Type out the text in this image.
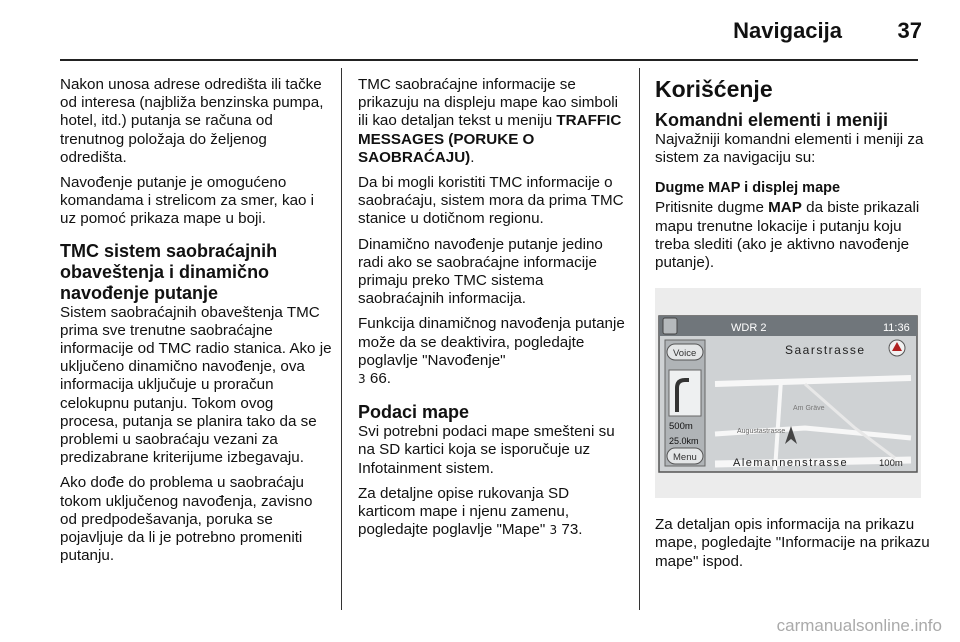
Navigacija	37

Nakon unosa adrese odredišta ili tačke od interesa (najbliža benzinska pumpa, hotel, itd.) putanja se računa od trenutnog položaja do željenog odredišta.

Navođenje putanje je omogućeno komandama i strelicom za smer, kao i uz pomoć prikaza mape u boji.

TMC sistem saobraćajnih obaveštenja i dinamično navođenje putanje

Sistem saobraćajnih obaveštenja TMC prima sve trenutne saobraćajne informacije od TMC radio stanica. Ako je uključeno dinamično navođenje, ova informacija uključuje u proračun celokupnu putanju. Tokom ovog procesa, putanja se planira tako da se problemi u saobraćaju vezani za predizabrane kriterijume izbegavaju.

Ako dođe do problema u saobraćaju tokom uključenog navođenja, zavisno od predpodešavanja, poruka se pojavljuje da li je potrebno promeniti putanju.

TMC saobraćajne informacije se prikazuju na displeju mape kao simboli ili kao detaljan tekst u meniju TRAFFIC MESSAGES (PORUKE O SAOBRAĆAJU).

Da bi mogli koristiti TMC informacije o saobraćaju, sistem mora da prima TMC stanice u dotičnom regionu.

Dinamično navođenje putanje jedino radi ako se saobraćajne informacije primaju preko TMC sistema saobraćajnih informacija.

Funkcija dinamičnog navođenja putanje može da se deaktivira, pogledajte poglavlje "Navođenje"
3 66.

Podaci mape

Svi potrebni podaci mape smešteni su na SD kartici koja se isporučuje uz Infotainment sistem.

Za detaljne opise rukovanja SD karticom mape i njenu zamenu, pogledajte poglavlje "Mape" 3 73.

Korišćenje
Komandni elementi i meniji

Najvažniji komandni elementi i meniji za sistem za navigaciju su:

Dugme MAP i displej mape

Pritisnite dugme MAP da biste prikazali mapu trenutne lokacije i putanju koju treba slediti (ako je aktivno navođenje putanje).

WDR 2	11:36
Voice
500m
25.0km
Menu
Saarstrasse
Augustastrasse
Am Gräve
Alemannenstrasse	100m

Za detaljan opis informacija na prikazu mape, pogledajte "Informacije na prikazu mape" ispod.

carmanualsonline.info
